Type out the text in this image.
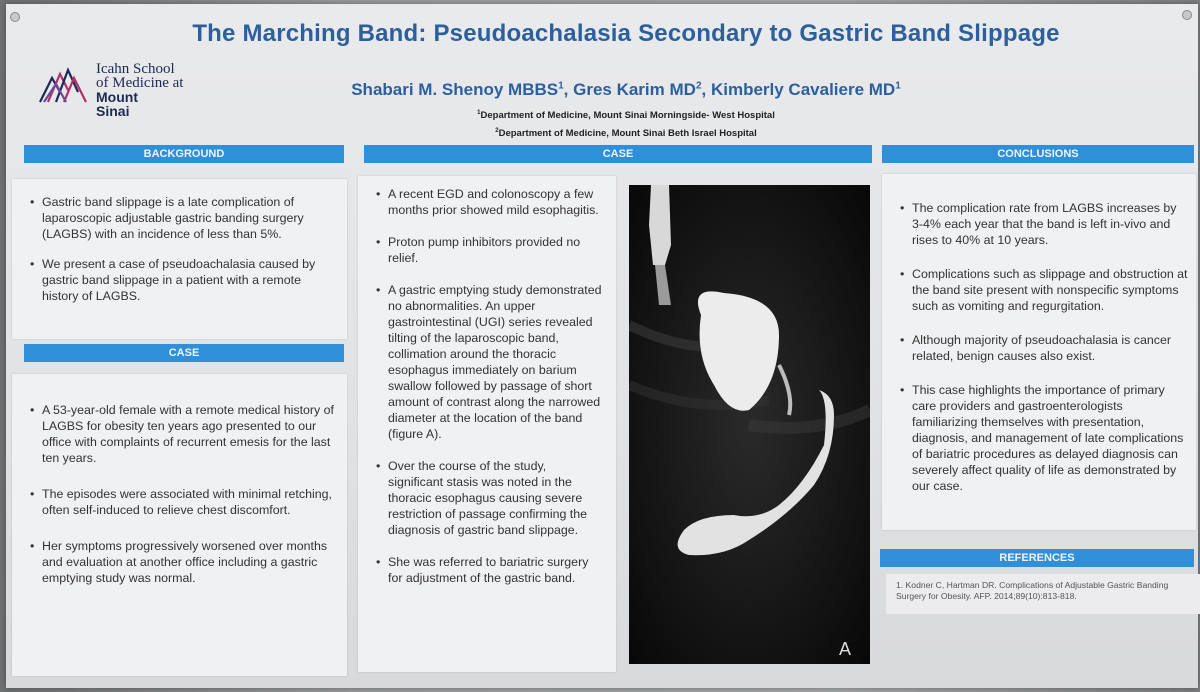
Icahn School
of Medicine at
Mount
Sinai
The Marching Band: Pseudoachalasia Secondary to Gastric Band Slippage
Shabari M. Shenoy MBBS$^1$, Gres Karim $MD^2$, Kimberly Cavaliere $MD^1$
$^1$Department of Medicine, Mount Sinai Morningside- West Hospital
$^2$Department of Medicine, Mount Sinai Beth Israel Hospital
BACKGROUND
• Gastric band slippage is a late complication of laparoscopic adjustable gastric banding surgery (LAGBS) with an incidence of less than 5%.
• We present a case of pseudoachalasia caused by gastric band slippage in a patient with a remote history of LAGBS.
CASE
• A 53-year-old female with a remote medical history of LAGBS for obesity ten years ago presented to our office with complaints of recurrent emesis for the last ten years.
• The episodes were associated with minimal retching, often self-induced to relieve chest discomfort.
• Her symptoms progressively worsened over months and evaluation at another office including a gastric emptying study was normal.
CASE
• A recent EGD and colonoscopy a few months prior showed mild esophagitis.
• Proton pump inhibitors provided no relief.
• A gastric emptying study demonstrated no abnormalities. An upper gastrointestinal (UGI) series revealed tilting of the laparoscopic band, collimation around the thoracic esophagus immediately on barium swallow followed by passage of short amount of contrast along the narrowed diameter at the location of the band (figure A).
• Over the course of the study, significant stasis was noted in the thoracic esophagus causing severe restriction of passage confirming the diagnosis of gastric band slippage.
• She was referred to bariatric surgery for adjustment of the gastric band.
A
CONCLUSIONS
• The complication rate from LAGBS increases by 3-4% each year that the band is left in-vivo and rises to 40% at 10 years.
• Complications such as slippage and obstruction at the band site present with nonspecific symptoms such as vomiting and regurgitation.
• Although majority of pseudoachalasia is cancer related, benign causes also exist.
• This case highlights the importance of primary care providers and gastroenterologists familiarizing themselves with presentation, diagnosis, and management of late complications of bariatric procedures as delayed diagnosis can severely affect quality of life as demonstrated by our case.
REFERENCES

1. Kodner C, Hartman DR. Complications of Adjustable Gastric Banding Surgery for Obesity. AFP. 2014;89(10):813-818.
